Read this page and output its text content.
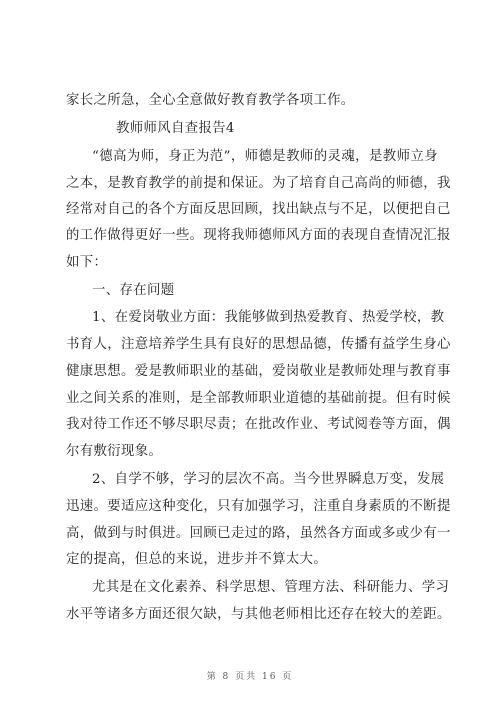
家长之所急，全心全意做好教育教学各项工作。
教师师风自查报告4
“德高为师，身正为范”，师德是教师的灵魂，是教师立身
之本，是教育教学的前提和保证。为了培育自己高尚的师德，我
经常对自己的各个方面反思回顾，找出缺点与不足，以便把自己
的工作做得更好一些。现将我师德师风方面的表现自查情况汇报
如下：
一、存在问题
1、在爱岗敬业方面：我能够做到热爱教育、热爱学校，教
书育人，注意培养学生具有良好的思想品德，传播有益学生身心
健康思想。爱是教师职业的基础，爱岗敬业是教师处理与教育事
业之间关系的准则，是全部教师职业道德的基础前提。但有时候
我对待工作还不够尽职尽责；在批改作业、考试阅卷等方面，偶
尔有敷衍现象。
2、自学不够，学习的层次不高。当今世界瞬息万变，发展
迅速。要适应这种变化，只有加强学习，注重自身素质的不断提
高，做到与时俱进。回顾已走过的路，虽然各方面或多或少有一
定的提高，但总的来说，进步并不算太大。
尤其是在文化素养、科学思想、管理方法、科研能力、学习
水平等诸多方面还很欠缺，与其他老师相比还存在较大的差距。
第 8 页共 16 页
